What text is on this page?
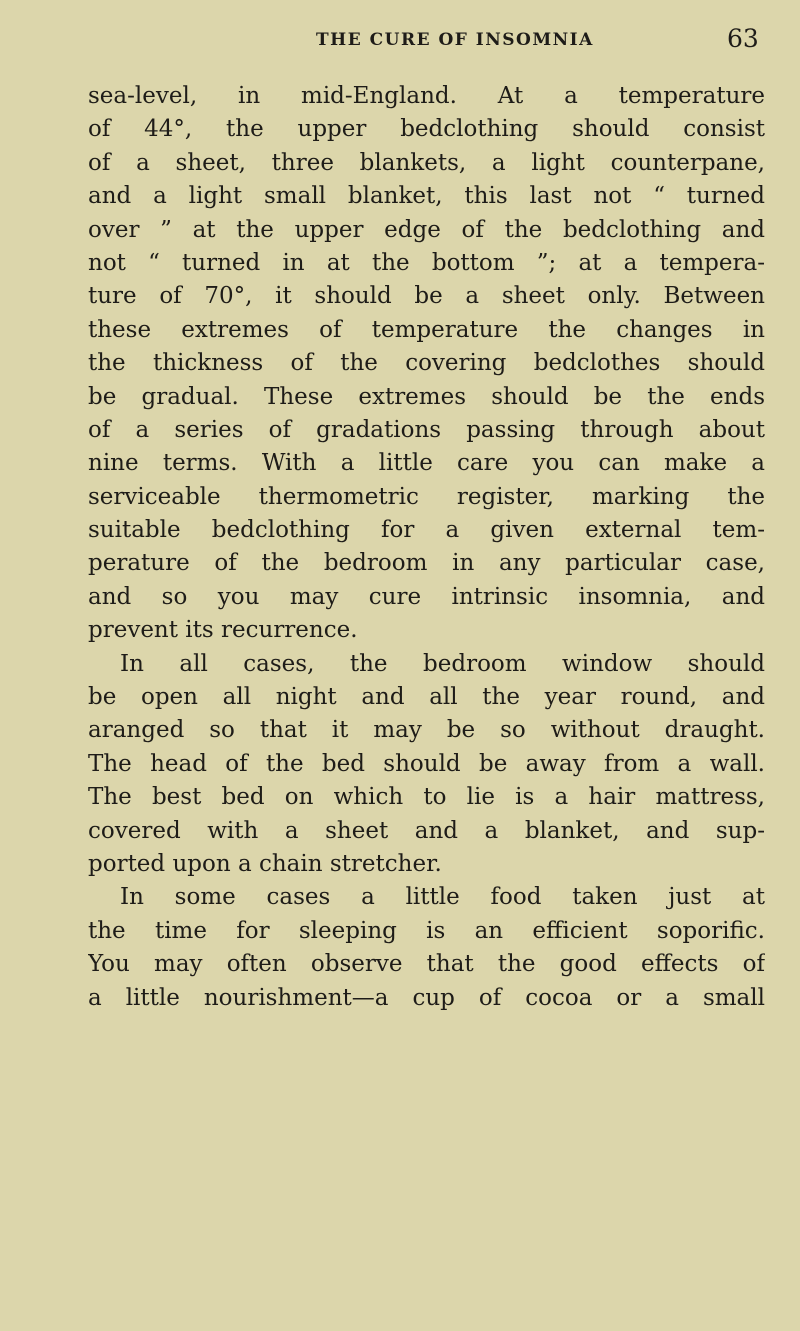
THE CURE OF INSOMNIA	63
sea-level, in mid-England. At a temperature
of 44°, the upper bedclothing should consist
of a sheet, three blankets, a light counterpane,
and a light small blanket, this last not “ turned
over ” at the upper edge of the bedclothing and
not “ turned in at the bottom ”; at a tempera-
ture of 70°, it should be a sheet only. Between
these extremes of temperature the changes in
the thickness of the covering bedclothes should
be gradual. These extremes should be the ends
of a series of gradations passing through about
nine terms. With a little care you can make a
serviceable thermometric register, marking the
suitable bedclothing for a given external tem-
perature of the bedroom in any particular case,
and so you may cure intrinsic insomnia, and
prevent its recurrence.
In all cases, the bedroom window should
be open all night and all the year round, and
aranged so that it may be so without draught.
The head of the bed should be away from a wall.
The best bed on which to lie is a hair mattress,
covered with a sheet and a blanket, and sup-
ported upon a chain stretcher.
In some cases a little food taken just at
the time for sleeping is an efficient soporific.
You may often observe that the good effects of
a little nourishment—a cup of cocoa or a small
